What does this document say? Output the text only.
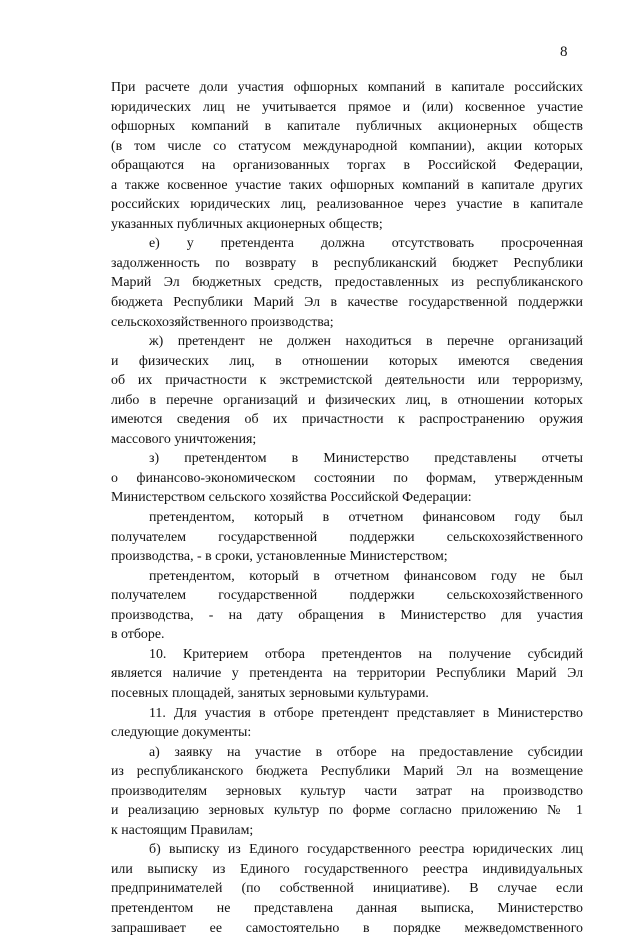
8
При расчете доли участия офшорных компаний в капитале российских
юридических лиц не учитывается прямое и (или) косвенное участие
офшорных компаний в капитале публичных акционерных обществ
(в том числе со статусом международной компании), акции которых
обращаются на организованных торгах в Российской Федерации,
а также косвенное участие таких офшорных компаний в капитале других
российских юридических лиц, реализованное через участие в капитале
указанных публичных акционерных обществ;
е) у претендента должна отсутствовать просроченная
задолженность по возврату в республиканский бюджет Республики
Марий Эл бюджетных средств, предоставленных из республиканского
бюджета Республики Марий Эл в качестве государственной поддержки
сельскохозяйственного производства;
ж) претендент не должен находиться в перечне организаций
и физических лиц, в отношении которых имеются сведения
об их причастности к экстремистской деятельности или терроризму,
либо в перечне организаций и физических лиц, в отношении которых
имеются сведения об их причастности к распространению оружия
массового уничтожения;
з) претендентом в Министерство представлены отчеты
о финансово-экономическом состоянии по формам, утвержденным
Министерством сельского хозяйства Российской Федерации:
претендентом, который в отчетном финансовом году был
получателем государственной поддержки сельскохозяйственного
производства, - в сроки, установленные Министерством;
претендентом, который в отчетном финансовом году не был
получателем государственной поддержки сельскохозяйственного
производства, - на дату обращения в Министерство для участия
в отборе.
10. Критерием отбора претендентов на получение субсидий
является наличие у претендента на территории Республики Марий Эл
посевных площадей, занятых зерновыми культурами.
11. Для участия в отборе претендент представляет в Министерство
следующие документы:
а) заявку на участие в отборе на предоставление субсидии
из республиканского бюджета Республики Марий Эл на возмещение
производителям зерновых культур части затрат на производство
и реализацию зерновых культур по форме согласно приложению № 1
к настоящим Правилам;
б) выписку из Единого государственного реестра юридических лиц
или выписку из Единого государственного реестра индивидуальных
предпринимателей (по собственной инициативе). В случае если
претендентом не представлена данная выписка, Министерство
запрашивает ее самостоятельно в порядке межведомственного
